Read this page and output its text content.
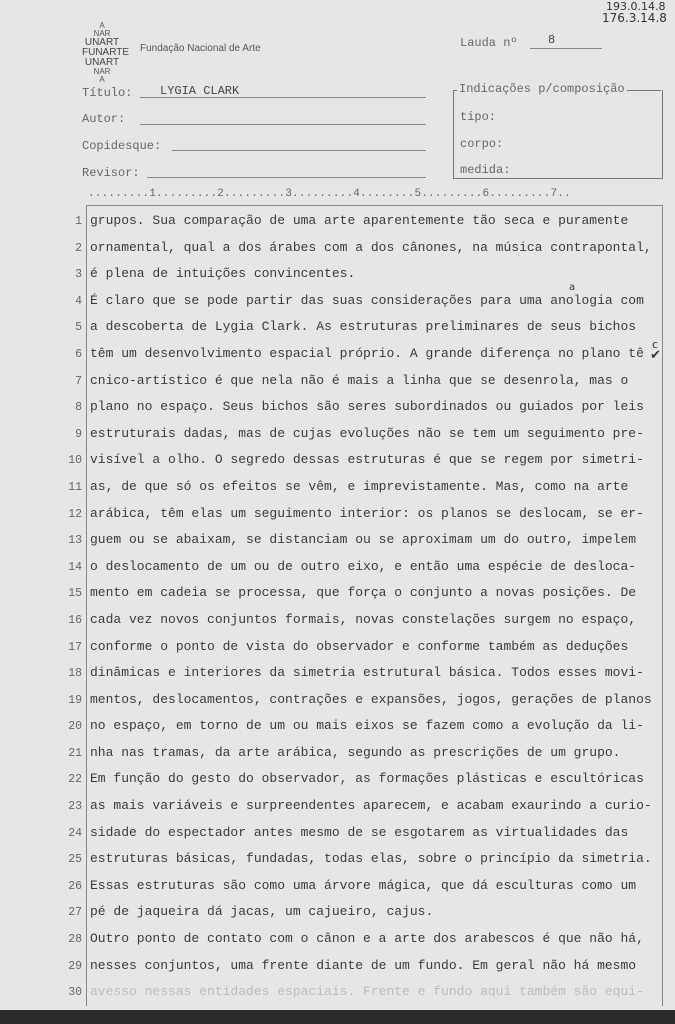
A
NAR
UNART
FUNARTE
UNART
NAR
A
Fundação Nacional de Arte
193.0.14.8
176.3.14.8
Lauda nº	8
Título: LYGIA CLARK
Autor:
Copidesque:
Revisor:
Indicações p/composição
tipo:
corpo:
medida:
.........1.........2.........3.........4........5.........6.........7..
1 grupos. Sua comparação de uma arte aparentemente tão seca e puramente
2 ornamental, qual a dos árabes com a dos cânones, na música contrapontal,
3 é plena de intuições convincentes.
4 É claro que se pode partir das suas considerações para uma anologia com
5 a descoberta de Lygia Clark. As estruturas preliminares de seus bichos
6 têm um desenvolvimento espacial próprio. A grande diferença no plano tê
7 cnico-artístico é que nela não é mais a linha que se desenrola, mas o
8 plano no espaço. Seus bichos são seres subordinados ou guiados por leis
9 estruturais dadas, mas de cujas evoluções não se tem um seguimento pre-
10 visível a olho. O segredo dessas estruturas é que se regem por simetri-
11 as, de que só os efeitos se vêm, e imprevistamente. Mas, como na arte
12 arábica, têm elas um seguimento interior: os planos se deslocam, se er-
13 guem ou se abaixam, se distanciam ou se aproximam um do outro, impelem
14 o deslocamento de um ou de outro eixo, e então uma espécie de desloca-
15 mento em cadeia se processa, que força o conjunto a novas posições. De
16 cada vez novos conjuntos formais, novas constelações surgem no espaço,
17 conforme o ponto de vista do observador e conforme também as deduções
18 dinâmicas e interiores da simetria estrutural básica. Todos esses movi-
19 mentos, deslocamentos, contrações e expansões, jogos, gerações de planos
20 no espaço, em torno de um ou mais eixos se fazem como a evolução da li-
21 nha nas tramas, da arte arábica, segundo as prescrições de um grupo.
22 Em função do gesto do observador, as formações plásticas e escultóricas
23 as mais variáveis e surpreendentes aparecem, e acabam exaurindo a curio-
24 sidade do espectador antes mesmo de se esgotarem as virtualidades das
25 estruturas básicas, fundadas, todas elas, sobre o princípio da simetria.
26 Essas estruturas são como uma árvore mágica, que dá esculturas como um
27 pé de jaqueira dá jacas, um cajueiro, cajus.
28 Outro ponto de contato com o cânon e a arte dos arabescos é que não há,
29 nesses conjuntos, uma frente diante de um fundo. Em geral não há mesmo
30 avesso nessas entidades espaciais. Frente e fundo aqui também são equi-
a
c
✔
